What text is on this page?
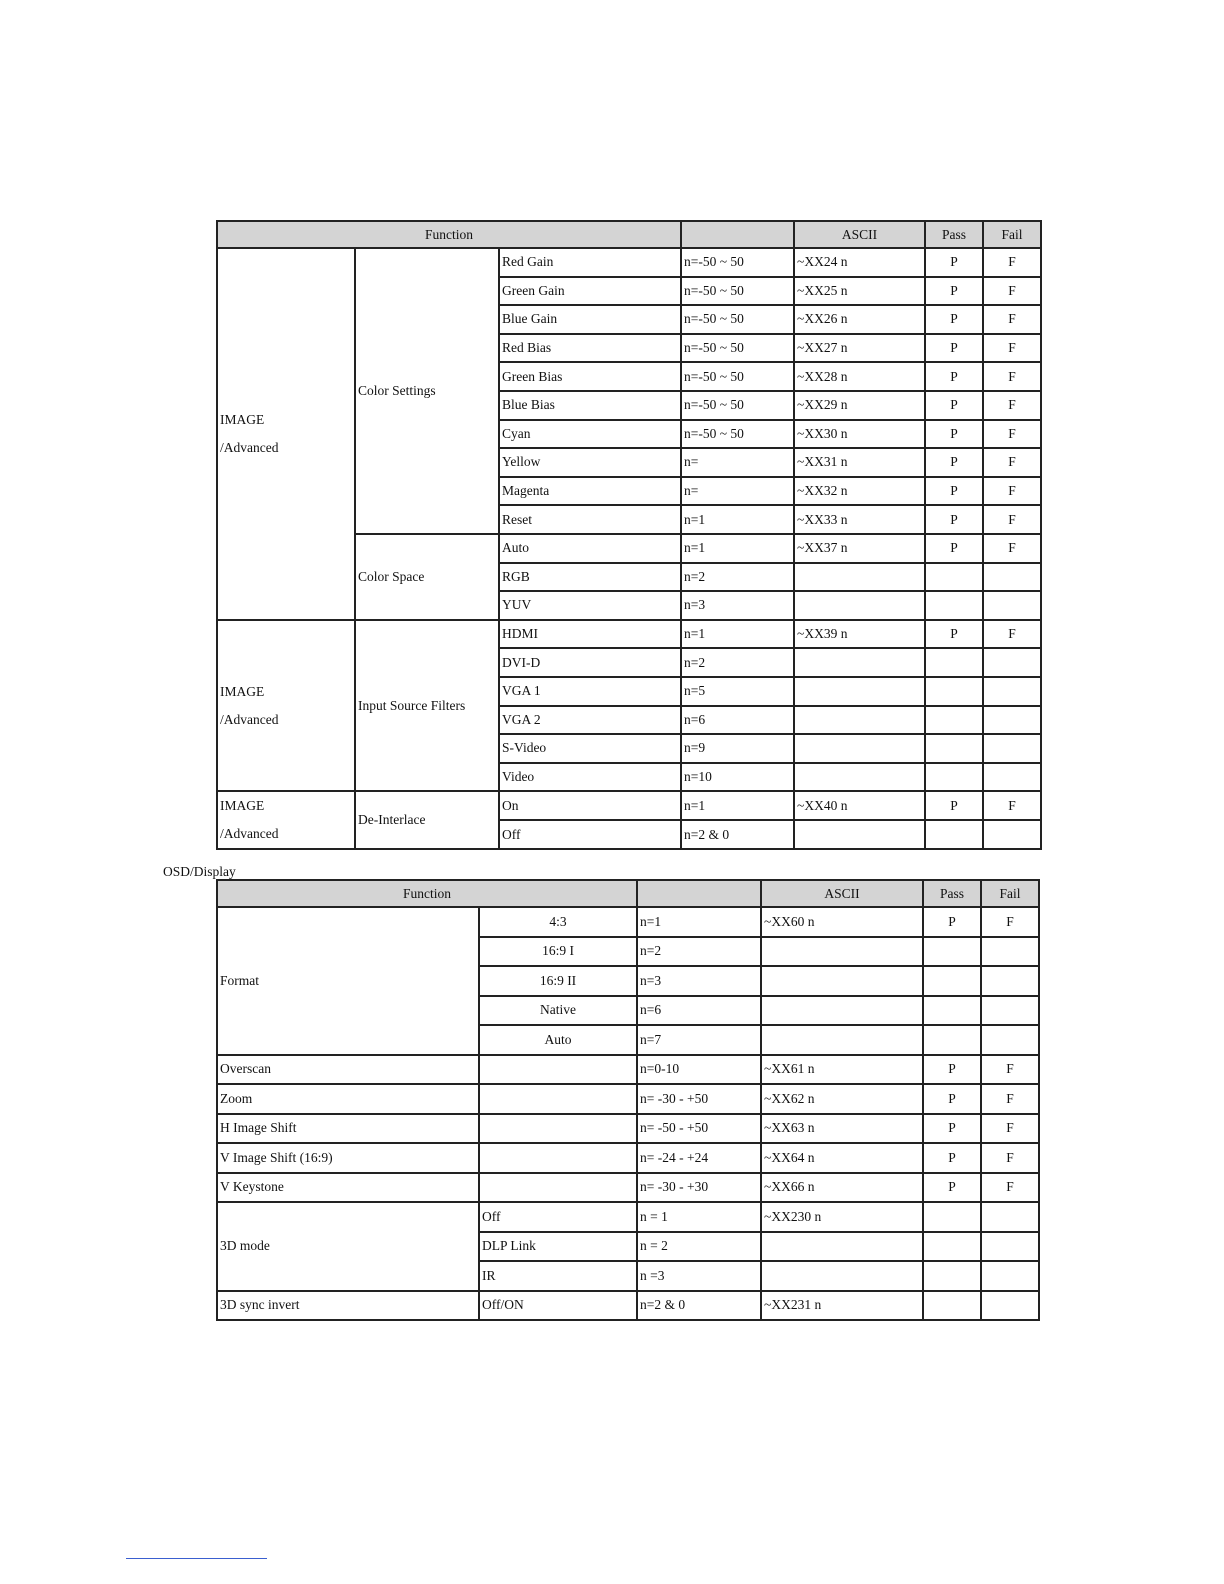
Function				ASCII	Pass	Fail

IMAGE
/Advanced	Color Settings	Red Gain	n=-50 ~ 50	~XX24 n	P	F
		Green Gain	n=-50 ~ 50	~XX25 n	P	F
		Blue Gain	n=-50 ~ 50	~XX26 n	P	F
		Red Bias	n=-50 ~ 50	~XX27 n	P	F
		Green Bias	n=-50 ~ 50	~XX28 n	P	F
		Blue Bias	n=-50 ~ 50	~XX29 n	P	F
		Cyan	n=-50 ~ 50	~XX30 n	P	F
		Yellow	n=	~XX31 n	P	F
		Magenta	n=	~XX32 n	P	F
		Reset	n=1	~XX33 n	P	F
	Color Space	Auto	n=1	~XX37 n	P	F
		RGB	n=2			
		YUV	n=3			

IMAGE
/Advanced	Input Source Filters	HDMI	n=1	~XX39 n	P	F
		DVI-D	n=2			
		VGA 1	n=5			
		VGA 2	n=6			
		S-Video	n=9			
		Video	n=10			

IMAGE
/Advanced	De-Interlace	On	n=1	~XX40 n	P	F
		Off	n=2 & 0			
OSD/Display
Function			ASCII	Pass	Fail
Format	4:3	n=1	~XX60 n	P	F
	16:9 I	n=2			
	16:9 II	n=3			
	Native	n=6			
	Auto	n=7			
Overscan		n=0-10	~XX61 n	P	F
Zoom		n= -30 - +50	~XX62 n	P	F
H Image Shift		n= -50 - +50	~XX63 n	P	F
V Image Shift (16:9)		n= -24 - +24	~XX64 n	P	F
V Keystone		n= -30 - +30	~XX66 n	P	F
3D mode	Off	n = 1	~XX230 n		
	DLP Link	n = 2			
	IR	n =3			
3D sync invert	Off/ON	n=2 & 0	~XX231 n		
